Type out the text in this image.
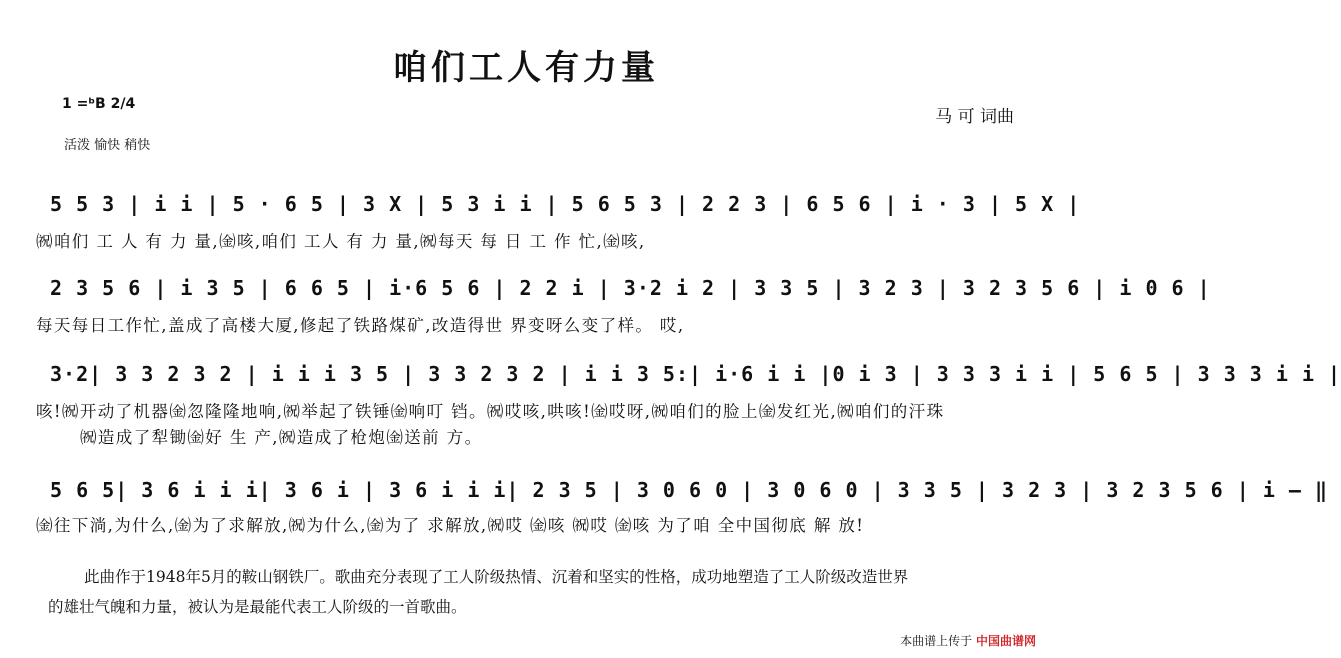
咱们工人有力量
1 =ᵇB 2/4
活泼 愉快 稍快
马 可 词曲
5 5 3 | i i | 5 · 6 5 | 3 X | 5 3 i i | 5 6 5 3 | 2 2 3 | 6 5 6 | i · 3 | 5 X |
㈷咱们 工 人 有 力 量,㈮咳,咱们 工人 有 力 量,㈷每天 每 日 工 作 忙,㈮咳,
2 3 5 6 | i 3 5 | 6 6 5 | i·6 5 6 | 2 2 i | 3·2 i 2 | 3 3 5 | 3 2 3 | 3 2 3 5 6 | i 0 6 |
每天每日工作忙,盖成了高楼大厦,修起了铁路煤矿,改造得世 界变呀么变了样。 哎,
3·2| 3 3 2 3 2 | i i i 3 5 | 3 3 2 3 2 | i i 3 5:| i·6 i i |0 i 3 | 3 3 3 i i | 5 6 5 | 3 3 3 i i |
咳!㈷开动了机器㈮忽隆隆地响,㈷举起了铁锤㈮响叮 铛。㈷哎咳,哄咳!㈮哎呀,㈷咱们的脸上㈮发红光,㈷咱们的汗珠
㈷造成了犁锄㈮好 生 产,㈷造成了枪炮㈮送前 方。
5 6 5| 3 6 i i i| 3 6 i | 3 6 i i i| 2 3 5 | 3 0 6 0 | 3 0 6 0 | 3 3 5 | 3 2 3 | 3 2 3 5 6 | i — ‖
㈮往下淌,为什么,㈮为了求解放,㈷为什么,㈮为了 求解放,㈷哎 ㈮咳 ㈷哎 ㈮咳 为了咱 全中国彻底 解 放!

此曲作于1948年5月的鞍山钢铁厂。歌曲充分表现了工人阶级热情、沉着和坚实的性格，成功地塑造了工人阶级改造世界

的雄壮气魄和力量，被认为是最能代表工人阶级的一首歌曲。
本曲谱上传于 中国曲谱网
